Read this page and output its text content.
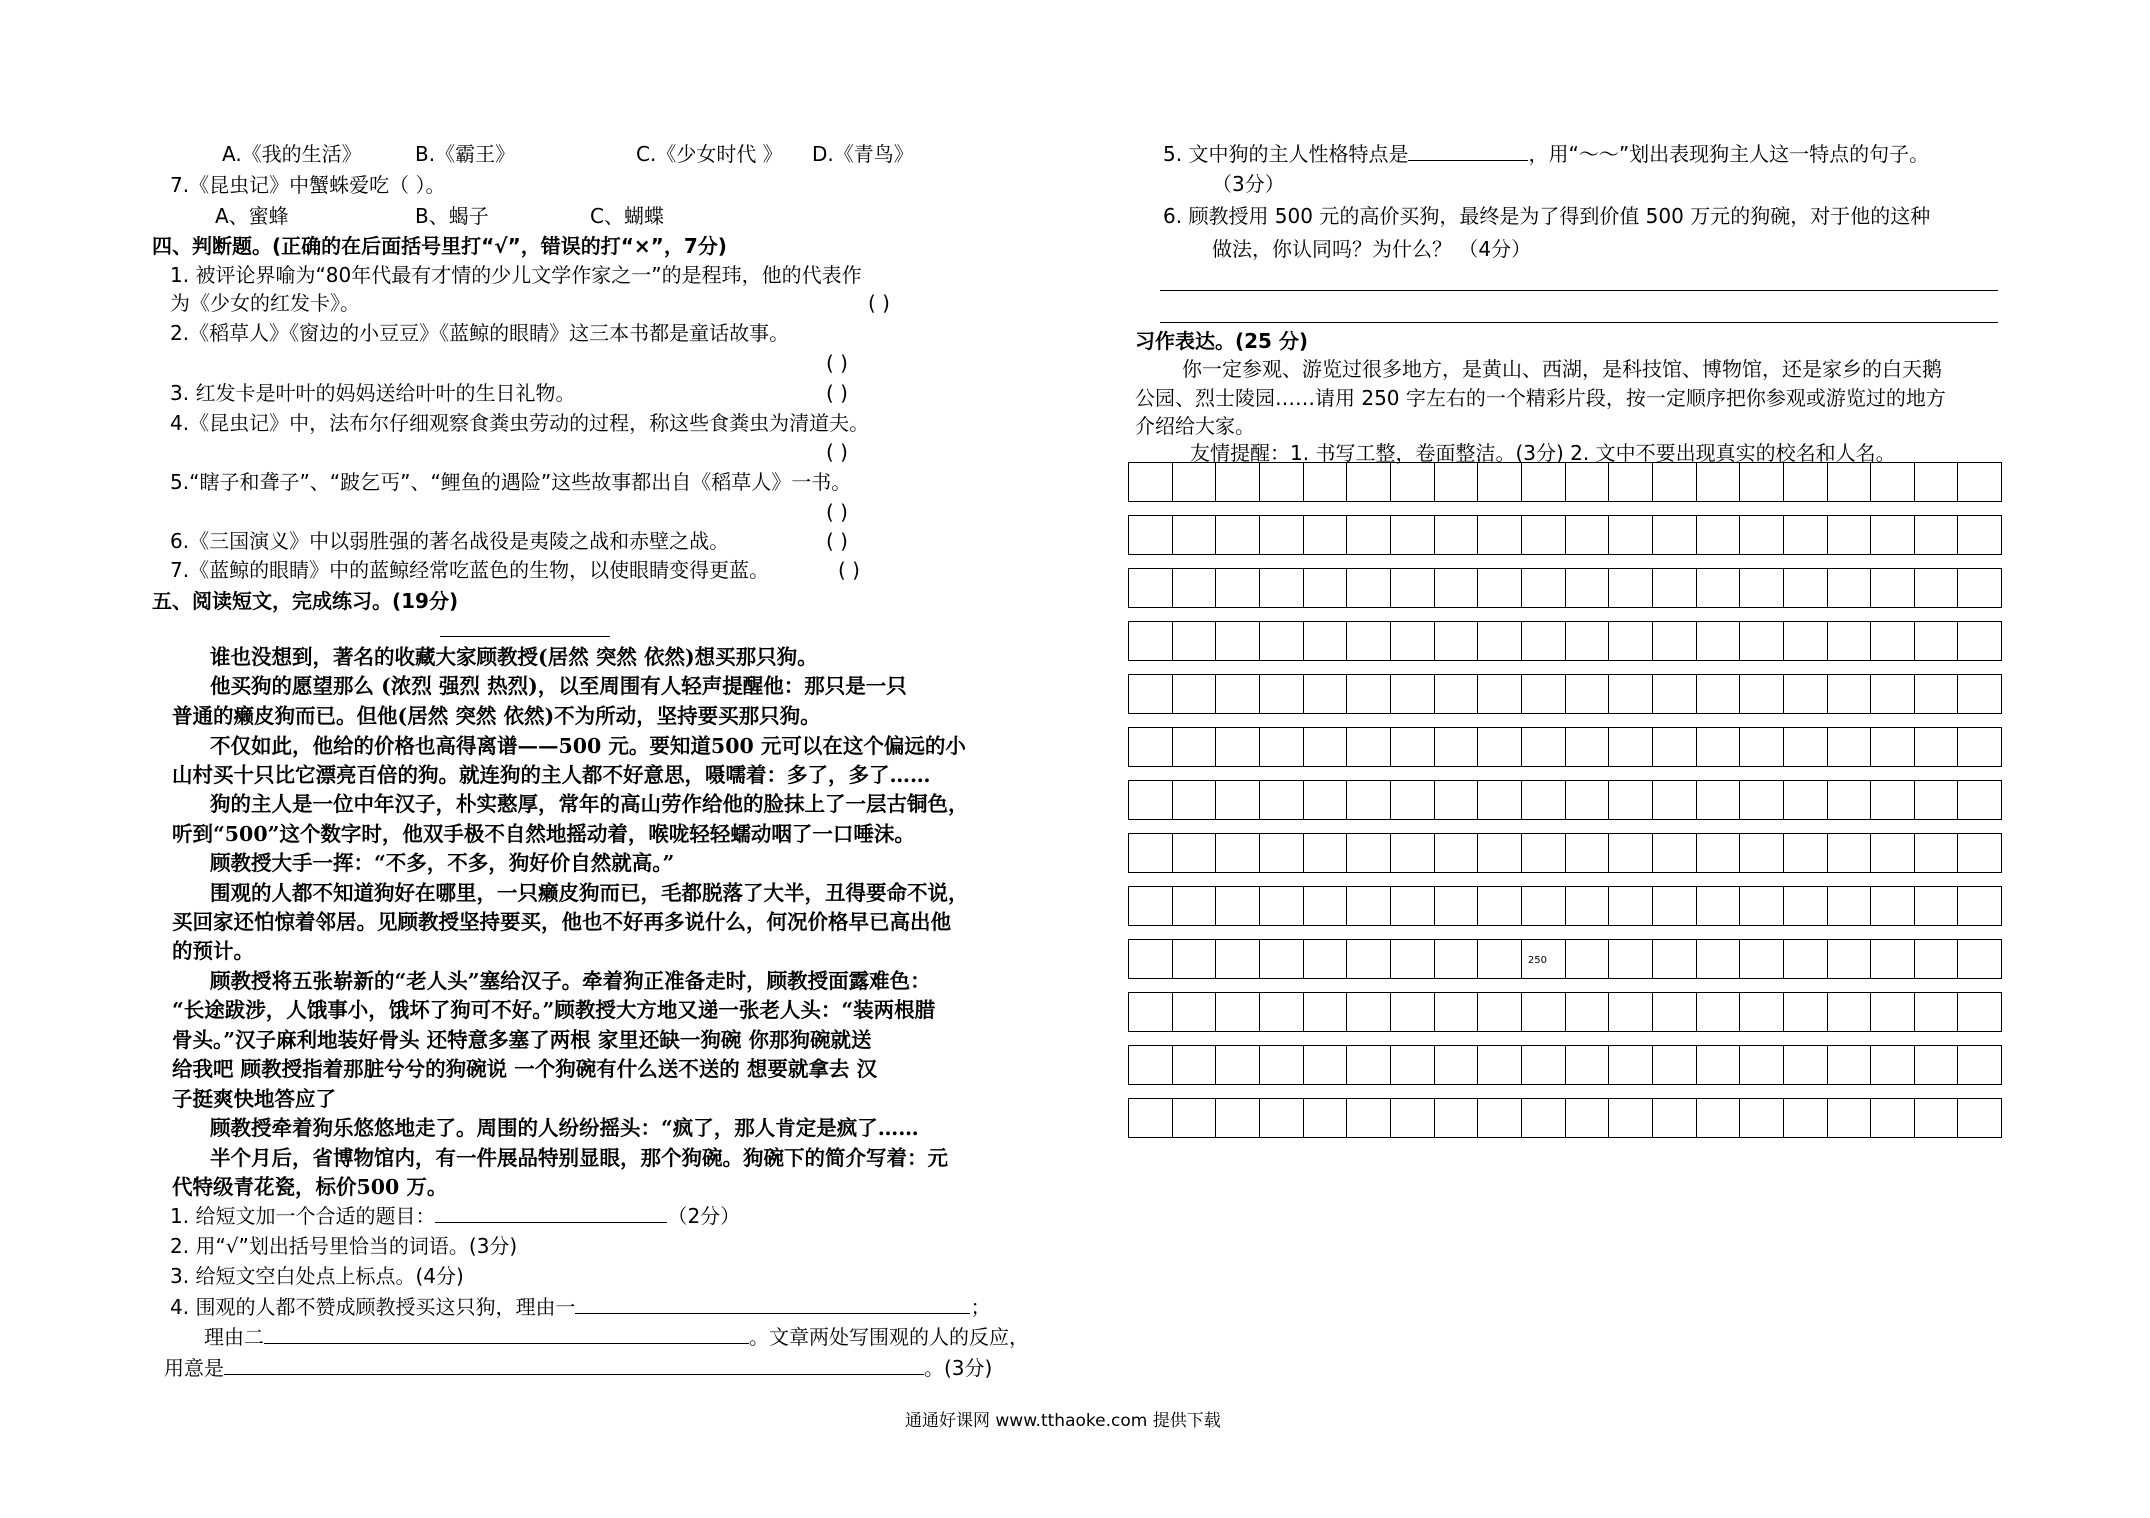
A.《我的生活》	B.《霸王》	C.《少女时代 》 D.《青鸟》
7.《昆虫记》中蟹蛛爱吃（ ）。
A、蜜蜂	B、蝎子	C、蝴蝶
四、判断题。(正确的在后面括号里打“√”，错误的打“×”，7分)
1. 被评论界喻为“80年代最有才情的少儿文学作家之一”的是程玮，他的代表作
为《少女的红发卡》。	( )
2.《稻草人》《窗边的小豆豆》《蓝鲸的眼睛》这三本书都是童话故事。
( )
3. 红发卡是叶叶的妈妈送给叶叶的生日礼物。	( )
4.《昆虫记》中，法布尔仔细观察食粪虫劳动的过程，称这些食粪虫为清道夫。
( )
5.“瞎子和聋子”、“跛乞丐”、“鲤鱼的遇险”这些故事都出自《稻草人》一书。
( )
6.《三国演义》中以弱胜强的著名战役是夷陵之战和赤壁之战。	( )
7.《蓝鲸的眼睛》中的蓝鲸经常吃蓝色的生物，以使眼睛变得更蓝。	( )
五、阅读短文，完成练习。(19分)
谁也没想到，著名的收藏大家顾教授(居然 突然 依然)想买那只狗。
他买狗的愿望那么 (浓烈 强烈 热烈)，以至周围有人轻声提醒他：那只是一只
普通的癞皮狗而已。但他(居然 突然 依然)不为所动，坚持要买那只狗。
不仅如此，他给的价格也高得离谱——500 元。要知道500 元可以在这个偏远的小
山村买十只比它漂亮百倍的狗。就连狗的主人都不好意思，嗫嚅着：多了，多了……
狗的主人是一位中年汉子，朴实憨厚，常年的高山劳作给他的脸抹上了一层古铜色，
听到“500”这个数字时，他双手极不自然地摇动着，喉咙轻轻蠕动咽了一口唾沫。
顾教授大手一挥：“不多，不多，狗好价自然就高。”
围观的人都不知道狗好在哪里，一只癞皮狗而已，毛都脱落了大半，丑得要命不说，
买回家还怕惊着邻居。见顾教授坚持要买，他也不好再多说什么，何况价格早已高出他
的预计。
顾教授将五张崭新的“老人头”塞给汉子。牵着狗正准备走时，顾教授面露难色：
“长途跋涉，人饿事小，饿坏了狗可不好。”顾教授大方地又递一张老人头：“装两根腊
骨头。”汉子麻利地装好骨头 还特意多塞了两根 家里还缺一狗碗 你那狗碗就送
给我吧 顾教授指着那脏兮兮的狗碗说 一个狗碗有什么送不送的 想要就拿去 汉
子挺爽快地答应了
顾教授牵着狗乐悠悠地走了。周围的人纷纷摇头：“疯了，那人肯定是疯了……
半个月后，省博物馆内，有一件展品特别显眼，那个狗碗。狗碗下的简介写着：元
代特级青花瓷，标价500 万。
1. 给短文加一个合适的题目：	（2分）
2. 用“√”划出括号里恰当的词语。(3分)
3. 给短文空白处点上标点。(4分)
4. 围观的人都不赞成顾教授买这只狗，理由一	；
理由二	。文章两处写围观的人的反应，
用意是	。(3分)
5. 文中狗的主人性格特点是	，用“～～”划出表现狗主人这一特点的句子。
（3分）
6. 顾教授用 500 元的高价买狗，最终是为了得到价值 500 万元的狗碗，对于他的这种
做法，你认同吗？为什么？ （4分）
习作表达。(25 分)
你一定参观、游览过很多地方，是黄山、西湖，是科技馆、博物馆，还是家乡的白天鹅
公园、烈士陵园……请用 250 字左右的一个精彩片段，按一定顺序把你参观或游览过的地方
介绍给大家。
友情提醒：1. 书写工整，卷面整洁。(3分) 2. 文中不要出现真实的校名和人名。
250
通通好课网 www.tthaoke.com 提供下载
